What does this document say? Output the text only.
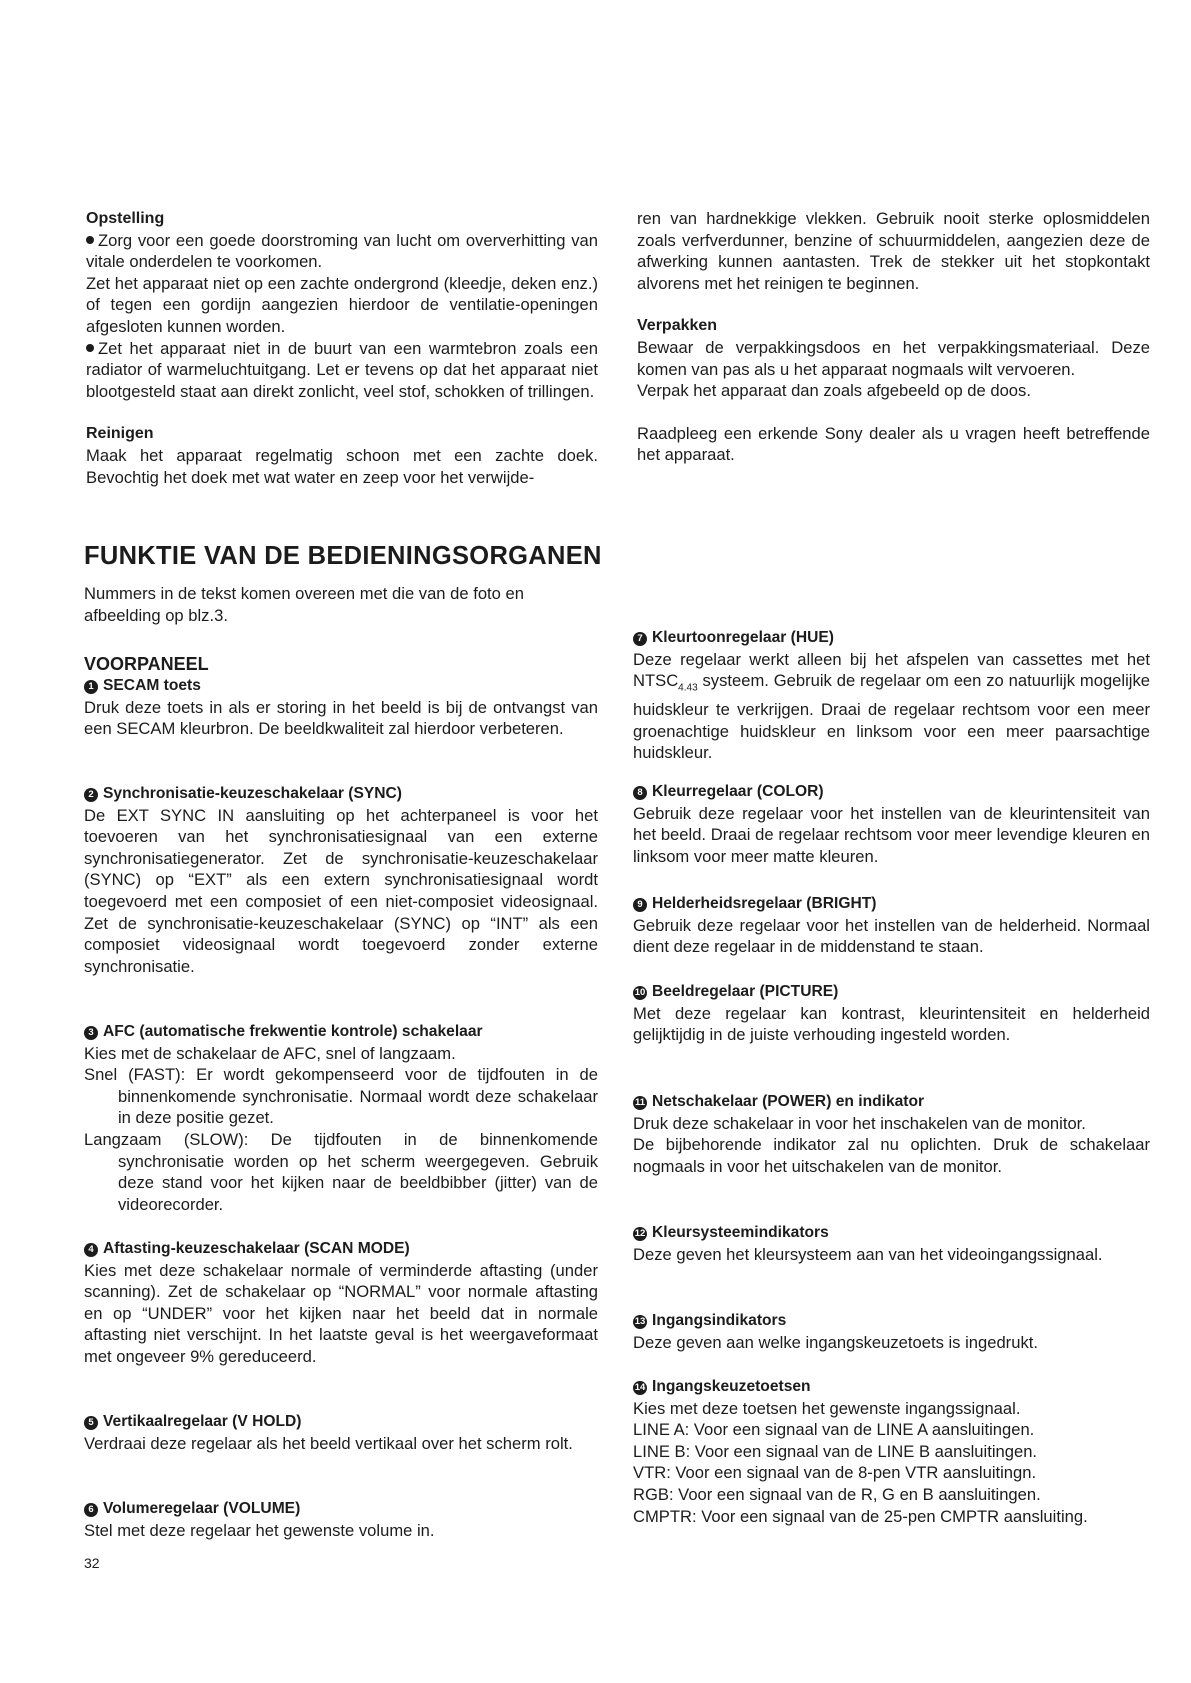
Opstelling

Zorg voor een goede doorstroming van lucht om oververhitting van vitale onderdelen te voorkomen.

Zet het apparaat niet op een zachte ondergrond (kleedje, deken enz.) of tegen een gordijn aangezien hierdoor de ventilatie-openingen afgesloten kunnen worden.

Zet het apparaat niet in de buurt van een warmtebron zoals een radiator of warmeluchtuitgang. Let er tevens op dat het apparaat niet blootgesteld staat aan direkt zonlicht, veel stof, schokken of trillingen.

Reinigen

Maak het apparaat regelmatig schoon met een zachte doek. Bevochtig het doek met wat water en zeep voor het verwijde-

ren van hardnekkige vlekken. Gebruik nooit sterke oplosmiddelen zoals verfverdunner, benzine of schuurmiddelen, aangezien deze de afwerking kunnen aantasten. Trek de stekker uit het stopkontakt alvorens met het reinigen te beginnen.

Verpakken

Bewaar de verpakkingsdoos en het verpakkingsmateriaal. Deze komen van pas als u het apparaat nogmaals wilt vervoeren.

Verpak het apparaat dan zoals afgebeeld op de doos.

Raadpleeg een erkende Sony dealer als u vragen heeft betreffende het apparaat.

FUNKTIE VAN DE BEDIENINGSORGANEN

Nummers in de tekst komen overeen met die van de foto en afbeelding op blz.3.

VOORPANEEL

1 SECAM toets

Druk deze toets in als er storing in het beeld is bij de ontvangst van een SECAM kleurbron. De beeldkwaliteit zal hierdoor verbeteren.

2 Synchronisatie-keuzeschakelaar (SYNC)

De EXT SYNC IN aansluiting op het achterpaneel is voor het toevoeren van het synchronisatiesignaal van een externe synchronisatiegenerator. Zet de synchronisatie-keuzeschakelaar (SYNC) op “EXT” als een extern synchronisatiesignaal wordt toegevoerd met een composiet of een niet-composiet videosignaal. Zet de synchronisatie-keuzeschakelaar (SYNC) op “INT” als een composiet videosignaal wordt toegevoerd zonder externe synchronisatie.

3 AFC (automatische frekwentie kontrole) schakelaar

Kies met de schakelaar de AFC, snel of langzaam.

Snel (FAST): Er wordt gekompenseerd voor de tijdfouten in de binnenkomende synchronisatie. Normaal wordt deze schakelaar in deze positie gezet.

Langzaam (SLOW): De tijdfouten in de binnenkomende synchronisatie worden op het scherm weergegeven. Gebruik deze stand voor het kijken naar de beeldbibber (jitter) van de videorecorder.

4 Aftasting-keuzeschakelaar (SCAN MODE)

Kies met deze schakelaar normale of verminderde aftasting (under scanning). Zet de schakelaar op “NORMAL” voor normale aftasting en op “UNDER” voor het kijken naar het beeld dat in normale aftasting niet verschijnt. In het laatste geval is het weergaveformaat met ongeveer 9% gereduceerd.

5 Vertikaalregelaar (V HOLD)

Verdraai deze regelaar als het beeld vertikaal over het scherm rolt.

6 Volumeregelaar (VOLUME)

Stel met deze regelaar het gewenste volume in.

7 Kleurtoonregelaar (HUE)

Deze regelaar werkt alleen bij het afspelen van cassettes met het $NTSC_{4.43}$ systeem. Gebruik de regelaar om een zo natuurlijk mogelijke huidskleur te verkrijgen. Draai de regelaar rechtsom voor een meer groenachtige huidskleur en linksom voor een meer paarsachtige huidskleur.

8 Kleurregelaar (COLOR)

Gebruik deze regelaar voor het instellen van de kleurintensiteit van het beeld. Draai de regelaar rechtsom voor meer levendige kleuren en linksom voor meer matte kleuren.

9 Helderheidsregelaar (BRIGHT)

Gebruik deze regelaar voor het instellen van de helderheid. Normaal dient deze regelaar in de middenstand te staan.

10 Beeldregelaar (PICTURE)

Met deze regelaar kan kontrast, kleurintensiteit en helderheid gelijktijdig in de juiste verhouding ingesteld worden.

11 Netschakelaar (POWER) en indikator

Druk deze schakelaar in voor het inschakelen van de monitor.

De bijbehorende indikator zal nu oplichten. Druk de schakelaar nogmaals in voor het uitschakelen van de monitor.

12 Kleursysteemindikators

Deze geven het kleursysteem aan van het videoingangssignaal.

13 Ingangsindikators

Deze geven aan welke ingangskeuzetoets is ingedrukt.

14 Ingangskeuzetoetsen

Kies met deze toetsen het gewenste ingangssignaal.

LINE A: Voor een signaal van de LINE A aansluitingen.

LINE B: Voor een signaal van de LINE B aansluitingen.

VTR: Voor een signaal van de 8-pen VTR aansluitingn.

RGB: Voor een signaal van de R, G en B aansluitingen.

CMPTR: Voor een signaal van de 25-pen CMPTR aansluiting.

32
